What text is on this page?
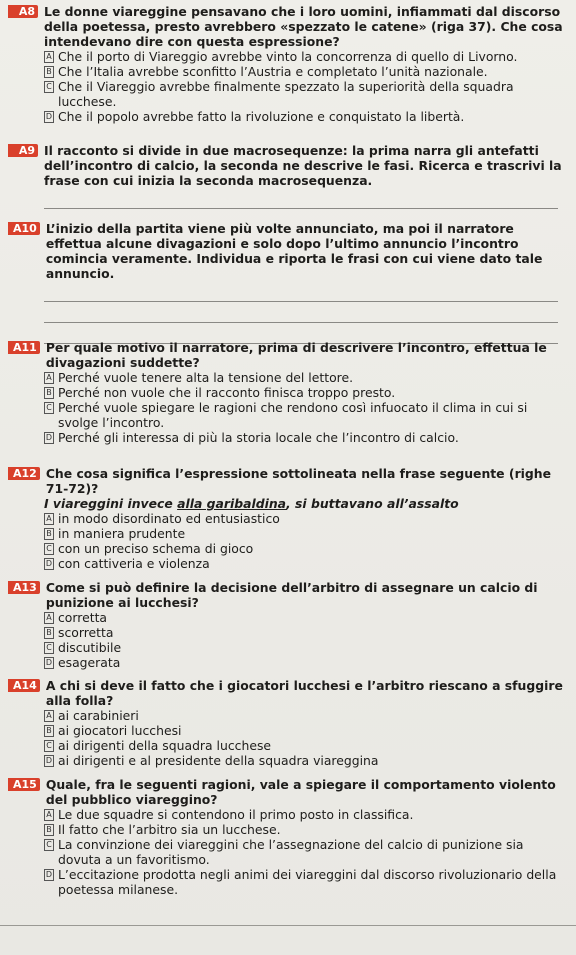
A8 Le donne viareggine pensavano che i loro uomini, infiammati dal discorso della poetessa, presto avrebbero «spezzato le catene» (riga 37). Che cosa intendevano dire con questa espressione?
A Che il porto di Viareggio avrebbe vinto la concorrenza di quello di Livorno.
B Che l’Italia avrebbe sconfitto l’Austria e completato l’unità nazionale.
C Che il Viareggio avrebbe finalmente spezzato la superiorità della squadra lucchese.
D Che il popolo avrebbe fatto la rivoluzione e conquistato la libertà.
A9 Il racconto si divide in due macrosequenze: la prima narra gli antefatti dell’incontro di calcio, la seconda ne descrive le fasi. Ricerca e trascrivi la frase con cui inizia la seconda macrosequenza.
A10 L’inizio della partita viene più volte annunciato, ma poi il narratore effettua alcune divagazioni e solo dopo l’ultimo annuncio l’incontro comincia veramente. Individua e riporta le frasi con cui viene dato tale annuncio.
A11 Per quale motivo il narratore, prima di descrivere l’incontro, effettua le divagazioni suddette?
A Perché vuole tenere alta la tensione del lettore.
B Perché non vuole che il racconto finisca troppo presto.
C Perché vuole spiegare le ragioni che rendono così infuocato il clima in cui si svolge l’incontro.
D Perché gli interessa di più la storia locale che l’incontro di calcio.
A12 Che cosa significa l’espressione sottolineata nella frase seguente (righe 71-72)?
I viareggini invece alla garibaldina, si buttavano all’assalto
A in modo disordinato ed entusiastico
B in maniera prudente
C con un preciso schema di gioco
D con cattiveria e violenza
A13 Come si può definire la decisione dell’arbitro di assegnare un calcio di punizione ai lucchesi?
A corretta
B scorretta
C discutibile
D esagerata
A14 A chi si deve il fatto che i giocatori lucchesi e l’arbitro riescano a sfuggire alla folla?
A ai carabinieri
B ai giocatori lucchesi
C ai dirigenti della squadra lucchese
D ai dirigenti e al presidente della squadra viareggina
A15 Quale, fra le seguenti ragioni, vale a spiegare il comportamento violento del pubblico viareggino?
A Le due squadre si contendono il primo posto in classifica.
B Il fatto che l’arbitro sia un lucchese.
C La convinzione dei viareggini che l’assegnazione del calcio di punizione sia dovuta a un favoritismo.
D L’eccitazione prodotta negli animi dei viareggini dal discorso rivoluzionario della poetessa milanese.
